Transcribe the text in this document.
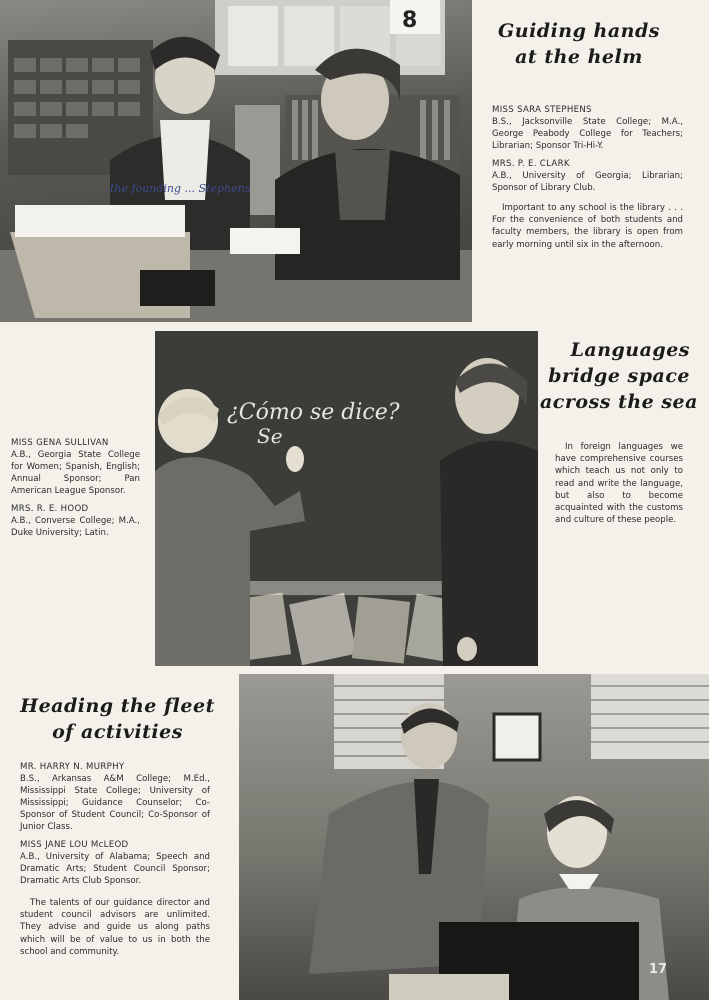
8
the founding ... Stephens
Guiding hands
at the helm
MISS SARA STEPHENS
B.S., Jacksonville State College; M.A., George Peabody College for Teachers; Librarian; Sponsor Tri-Hi-Y.
MRS. P. E. CLARK
A.B., University of Georgia; Librarian; Sponsor of Library Club.
Important to any school is the library . . . For the convenience of both students and faculty members, the library is open from early morning until six in the afternoon.
¿Cómo se dice?
Se
Languages
bridge space
across the sea
MISS GENA SULLIVAN
A.B., Georgia State College for Women; Spanish, English; Annual Sponsor; Pan American League Sponsor.
MRS. R. E. HOOD
A.B., Converse College; M.A., Duke University; Latin.
In foreign languages we have comprehensive courses which teach us not only to read and write the language, but also to become acquainted with the customs and culture of these people.
Heading the fleet
of activities
MR. HARRY N. MURPHY
B.S., Arkansas A&M College; M.Ed., Mississippi State College; University of Mississippi; Guidance Counselor; Co-Sponsor of Student Council; Co-Sponsor of Junior Class.
MISS JANE LOU McLEOD
A.B., University of Alabama; Speech and Dramatic Arts; Student Council Sponsor; Dramatic Arts Club Sponsor.
The talents of our guidance director and student council advisors are unlimited. They advise and guide us along paths which will be of value to us in both the school and community.
17
